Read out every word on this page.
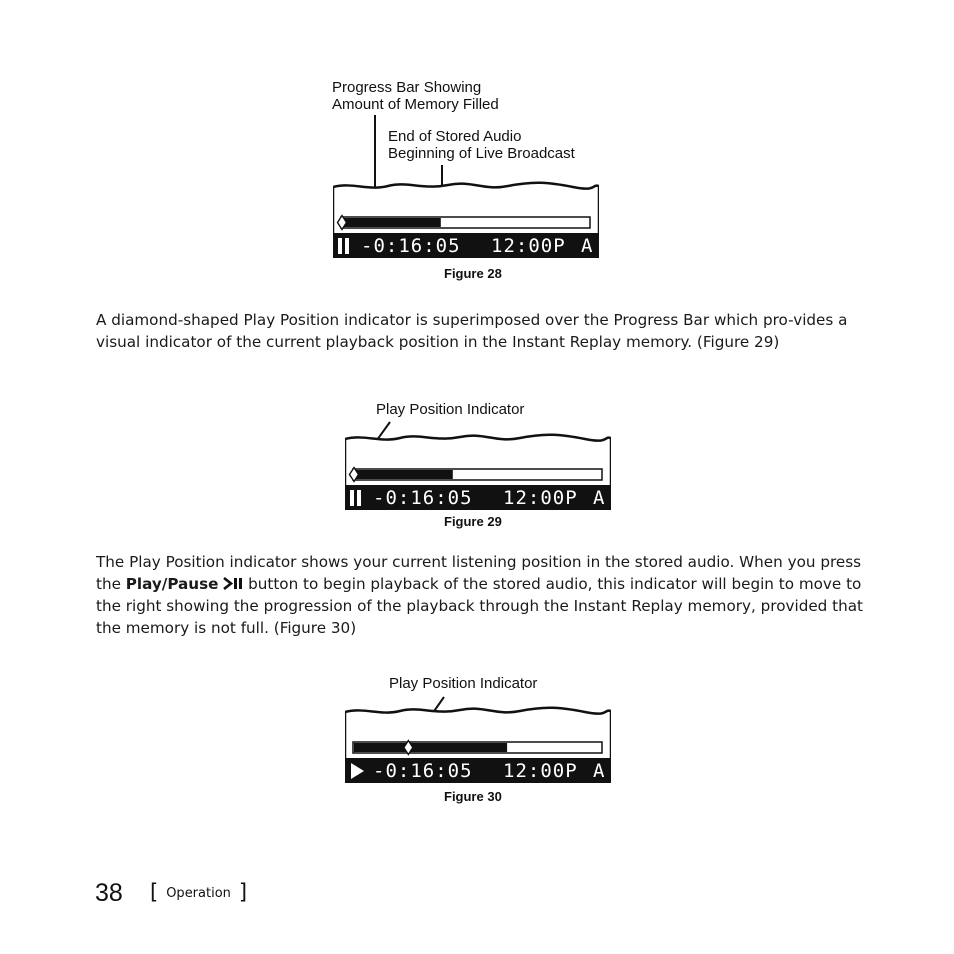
Progress Bar Showing
Amount of Memory Filled
End of Stored Audio
Beginning of Live Broadcast
-0:16:05 12:00P A
Figure 28
A diamond-shaped Play Position indicator is superimposed over the Progress Bar which pro-vides a visual indicator of the current playback position in the Instant Replay memory. (Figure 29)
Play Position Indicator
-0:16:05 12:00P A
Figure 29
The Play Position indicator shows your current listening position in the stored audio. When you press the Play/Pause  button to begin playback of the stored audio, this indicator will begin to move to the right showing the progression of the playback through the Instant Replay memory, provided that the memory is not full. (Figure 30)
Play Position Indicator
-0:16:05 12:00P A
Figure 30
38 [ Operation ]
